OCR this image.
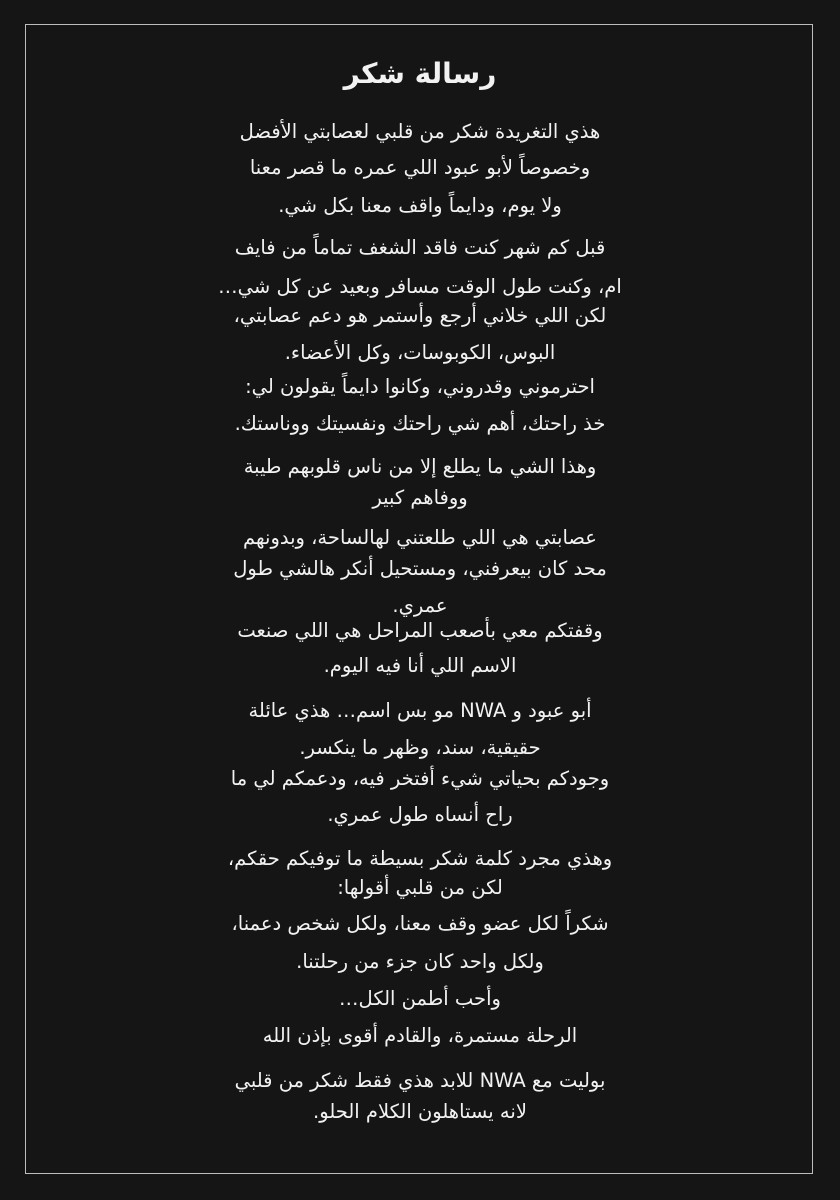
رسالة شكر
هذي التغريدة شكر من قلبي لعصابتي الأفضل
وخصوصاً لأبو عبود اللي عمره ما قصر معنا
ولا يوم، ودايماً واقف معنا بكل شي.
قبل كم شهر كنت فاقد الشغف تماماً من فايف
ام، وكنت طول الوقت مسافر وبعيد عن كل شي…
لكن اللي خلاني أرجع وأستمر هو دعم عصابتي،
البوس، الكوبوسات، وكل الأعضاء.
احترموني وقدروني، وكانوا دايماً يقولون لي:
خذ راحتك، أهم شي راحتك ونفسيتك ووناستك.
وهذا الشي ما يطلع إلا من ناس قلوبهم طيبة
ووفاهم كبير
عصابتي هي اللي طلعتني لهالساحة، وبدونهم
محد كان بيعرفني، ومستحيل أنكر هالشي طول
عمري.
وقفتكم معي بأصعب المراحل هي اللي صنعت
الاسم اللي أنا فيه اليوم.
أبو عبود و NWA مو بس اسم… هذي عائلة
حقيقية، سند، وظهر ما ينكسر.
وجودكم بحياتي شيء أفتخر فيه، ودعمكم لي ما
راح أنساه طول عمري.
وهذي مجرد كلمة شكر بسيطة ما توفيكم حقكم،
لكن من قلبي أقولها:
شكراً لكل عضو وقف معنا، ولكل شخص دعمنا،
ولكل واحد كان جزء من رحلتنا.
وأحب أطمن الكل…
الرحلة مستمرة، والقادم أقوى بإذن الله
بوليت مع NWA للابد هذي فقط شكر من قلبي
لانه يستاهلون الكلام الحلو.
